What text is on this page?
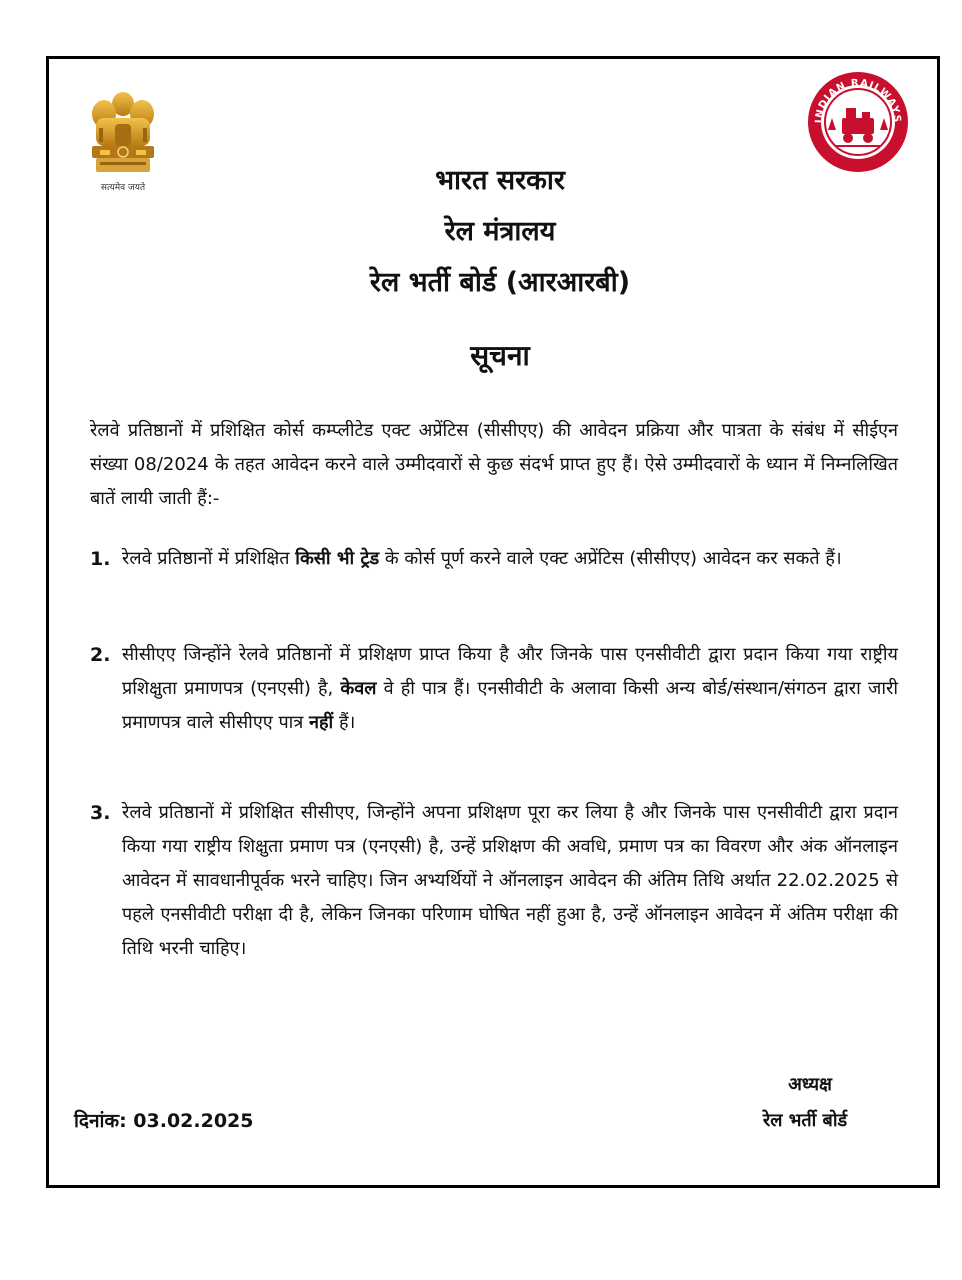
सत्यमेव जयते
INDIAN RAILWAYS
भारत सरकार
रेल मंत्रालय
रेल भर्ती बोर्ड (आरआरबी)
सूचना
रेलवे प्रतिष्ठानों में प्रशिक्षित कोर्स कम्प्लीटेड एक्ट अप्रेंटिस (सीसीएए) की आवेदन प्रक्रिया और पात्रता के संबंध में सीईएन संख्या 08/2024 के तहत आवेदन करने वाले उम्मीदवारों से कुछ संदर्भ प्राप्त हुए हैं। ऐसे उम्मीदवारों के ध्यान में निम्नलिखित बातें लायी जाती हैं:-
1. रेलवे प्रतिष्ठानों में प्रशिक्षित किसी भी ट्रेड के कोर्स पूर्ण करने वाले एक्ट अप्रेंटिस (सीसीएए) आवेदन कर सकते हैं।
2. सीसीएए जिन्होंने रेलवे प्रतिष्ठानों में प्रशिक्षण प्राप्त किया है और जिनके पास एनसीवीटी द्वारा प्रदान किया गया राष्ट्रीय प्रशिक्षुता प्रमाणपत्र (एनएसी) है, केवल वे ही पात्र हैं। एनसीवीटी के अलावा किसी अन्य बोर्ड/संस्थान/संगठन द्वारा जारी प्रमाणपत्र वाले सीसीएए पात्र नहीं हैं।
3. रेलवे प्रतिष्ठानों में प्रशिक्षित सीसीएए, जिन्होंने अपना प्रशिक्षण पूरा कर लिया है और जिनके पास एनसीवीटी द्वारा प्रदान किया गया राष्ट्रीय शिक्षुता प्रमाण पत्र (एनएसी) है, उन्हें प्रशिक्षण की अवधि, प्रमाण पत्र का विवरण और अंक ऑनलाइन आवेदन में सावधानीपूर्वक भरने चाहिए। जिन अभ्यर्थियों ने ऑनलाइन आवेदन की अंतिम तिथि अर्थात 22.02.2025 से पहले एनसीवीटी परीक्षा दी है, लेकिन जिनका परिणाम घोषित नहीं हुआ है, उन्हें ऑनलाइन आवेदन में अंतिम परीक्षा की तिथि भरनी चाहिए।
अध्यक्ष
रेल भर्ती बोर्ड
दिनांक: 03.02.2025
